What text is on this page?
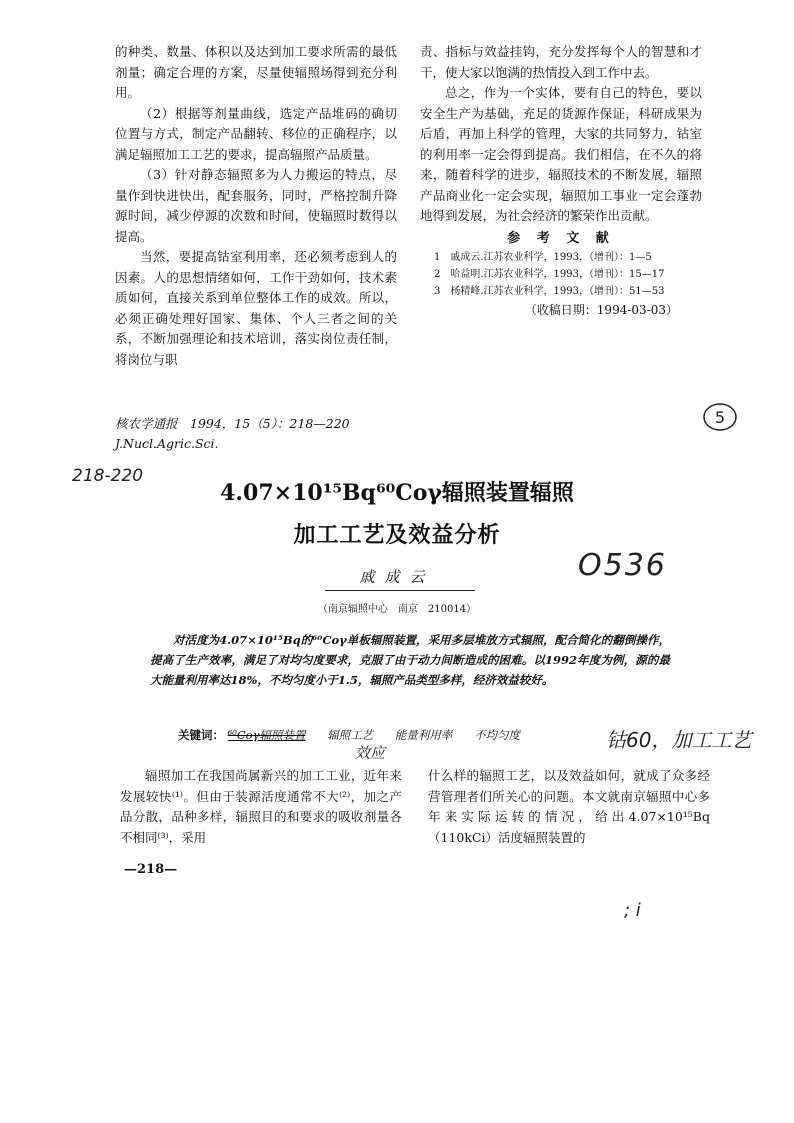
的种类、数量、体积以及达到加工要求所需的最低剂量；确定合理的方案，尽量使辐照场得到充分利用。

（2）根据等剂量曲线，选定产品堆码的确切位置与方式，制定产品翻转、移位的正确程序，以满足辐照加工工艺的要求，提高辐照产品质量。

（3）针对静态辐照多为人力搬运的特点，尽量作到快进快出，配套服务，同时，严格控制升降源时间，减少停源的次数和时间，使辐照时数得以提高。

当然，要提高钴室利用率，还必须考虑到人的因素。人的思想情绪如何，工作干劲如何，技术素质如何，直接关系到单位整体工作的成效。所以，必须正确处理好国家、集体、个人三者之间的关系，不断加强理论和技术培训，落实岗位责任制，将岗位与职

责、指标与效益挂钩，充分发挥每个人的智慧和才干，使大家以饱满的热情投入到工作中去。

总之，作为一个实体，要有自己的特色，要以安全生产为基础，充足的货源作保证，科研成果为后盾，再加上科学的管理，大家的共同努力，钴室的利用率一定会得到提高。我们相信，在不久的将来，随着科学的进步，辐照技术的不断发展，辐照产品商业化一定会实现，辐照加工事业一定会蓬勃地得到发展，为社会经济的繁荣作出贡献。

参 考 文 献
1　戚成云.江苏农业科学，1993，（增刊）：1—5
2　哈益明.江苏农业科学，1993，（增刊）：15—17
3　杨精峰.江苏农业科学，1993，（增刊）：51—53
（收稿日期：1994-03-03）
5
核农学通报　1994，15（5）：218—220
J.Nucl.Agric.Sci.
218-220
4.07×10¹⁵Bq⁶⁰Coγ辐照装置辐照
加工工艺及效益分析
O536
戚成云
（南京辐照中心　南京　210014）
对活度为4.07×10¹⁵Bq的⁶⁰Coγ单板辐照装置，采用多层堆放方式辐照，配合简化的翻倒操作，提高了生产效率，满足了对均匀度要求，克服了由于动力间断造成的困难。以1992年度为例，源的最大能量利用率达18%，不均匀度小于1.5，辐照产品类型多样，经济效益较好。
关键词： ⁶⁰Coγ辐照装置 辐照工艺 能量利用率 不均匀度
效应
钴60，加工工艺

辐照加工在我国尚属新兴的加工工业，近年来发展较快⁽¹⁾。但由于装源活度通常不大⁽²⁾，加之产品分散，品种多样，辐照目的和要求的吸收剂量各不相同⁽³⁾，采用

什么样的辐照工艺，以及效益如何，就成了众多经营管理者们所关心的问题。本文就南京辐照中心多年来实际运转的情况，给出4.07×10¹⁵Bq（110kCi）活度辐照装置的

—218—
; i
